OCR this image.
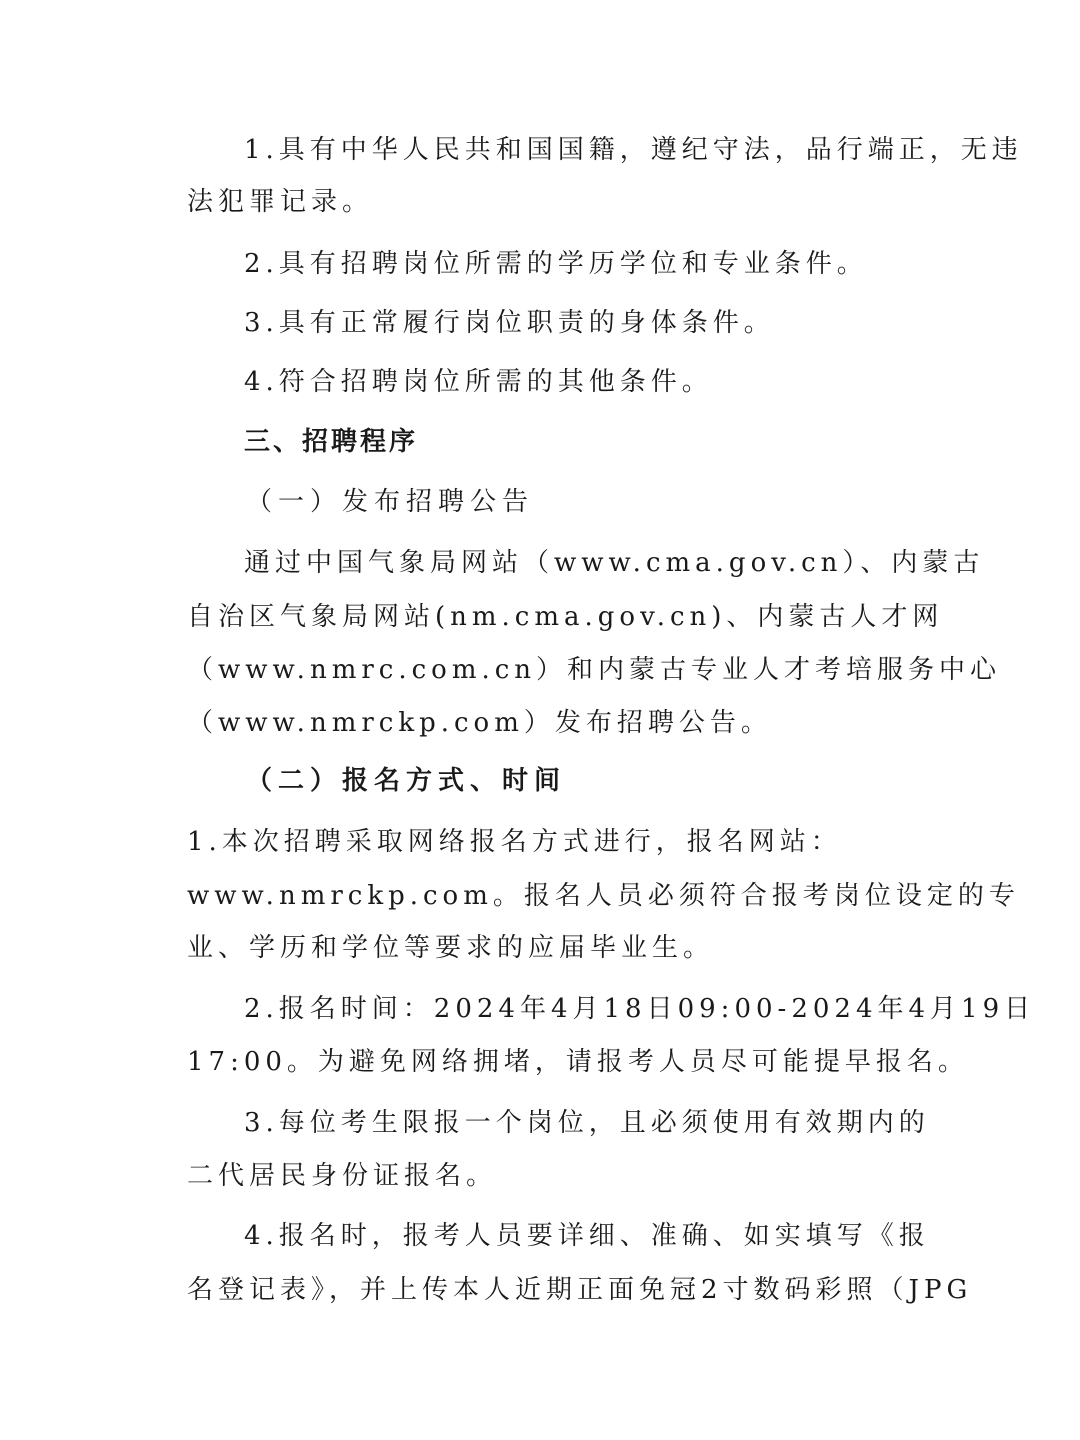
1.具有中华人民共和国国籍，遵纪守法，品行端正，无违
法犯罪记录。
2.具有招聘岗位所需的学历学位和专业条件。
3.具有正常履行岗位职责的身体条件。
4.符合招聘岗位所需的其他条件。
三、招聘程序
（一）发布招聘公告
通过中国气象局网站（www.cma.gov.cn）、内蒙古
自治区气象局网站(nm.cma.gov.cn)、内蒙古人才网
（www.nmrc.com.cn）和内蒙古专业人才考培服务中心
（www.nmrckp.com）发布招聘公告。
（二）报名方式、时间
1.本次招聘采取网络报名方式进行，报名网站：
www.nmrckp.com。报名人员必须符合报考岗位设定的专
业、学历和学位等要求的应届毕业生。
2.报名时间：2024年4月18日09:00-2024年4月19日
17:00。为避免网络拥堵，请报考人员尽可能提早报名。
3.每位考生限报一个岗位，且必须使用有效期内的
二代居民身份证报名。
4.报名时，报考人员要详细、准确、如实填写《报
名登记表》，并上传本人近期正面免冠2寸数码彩照（JPG
